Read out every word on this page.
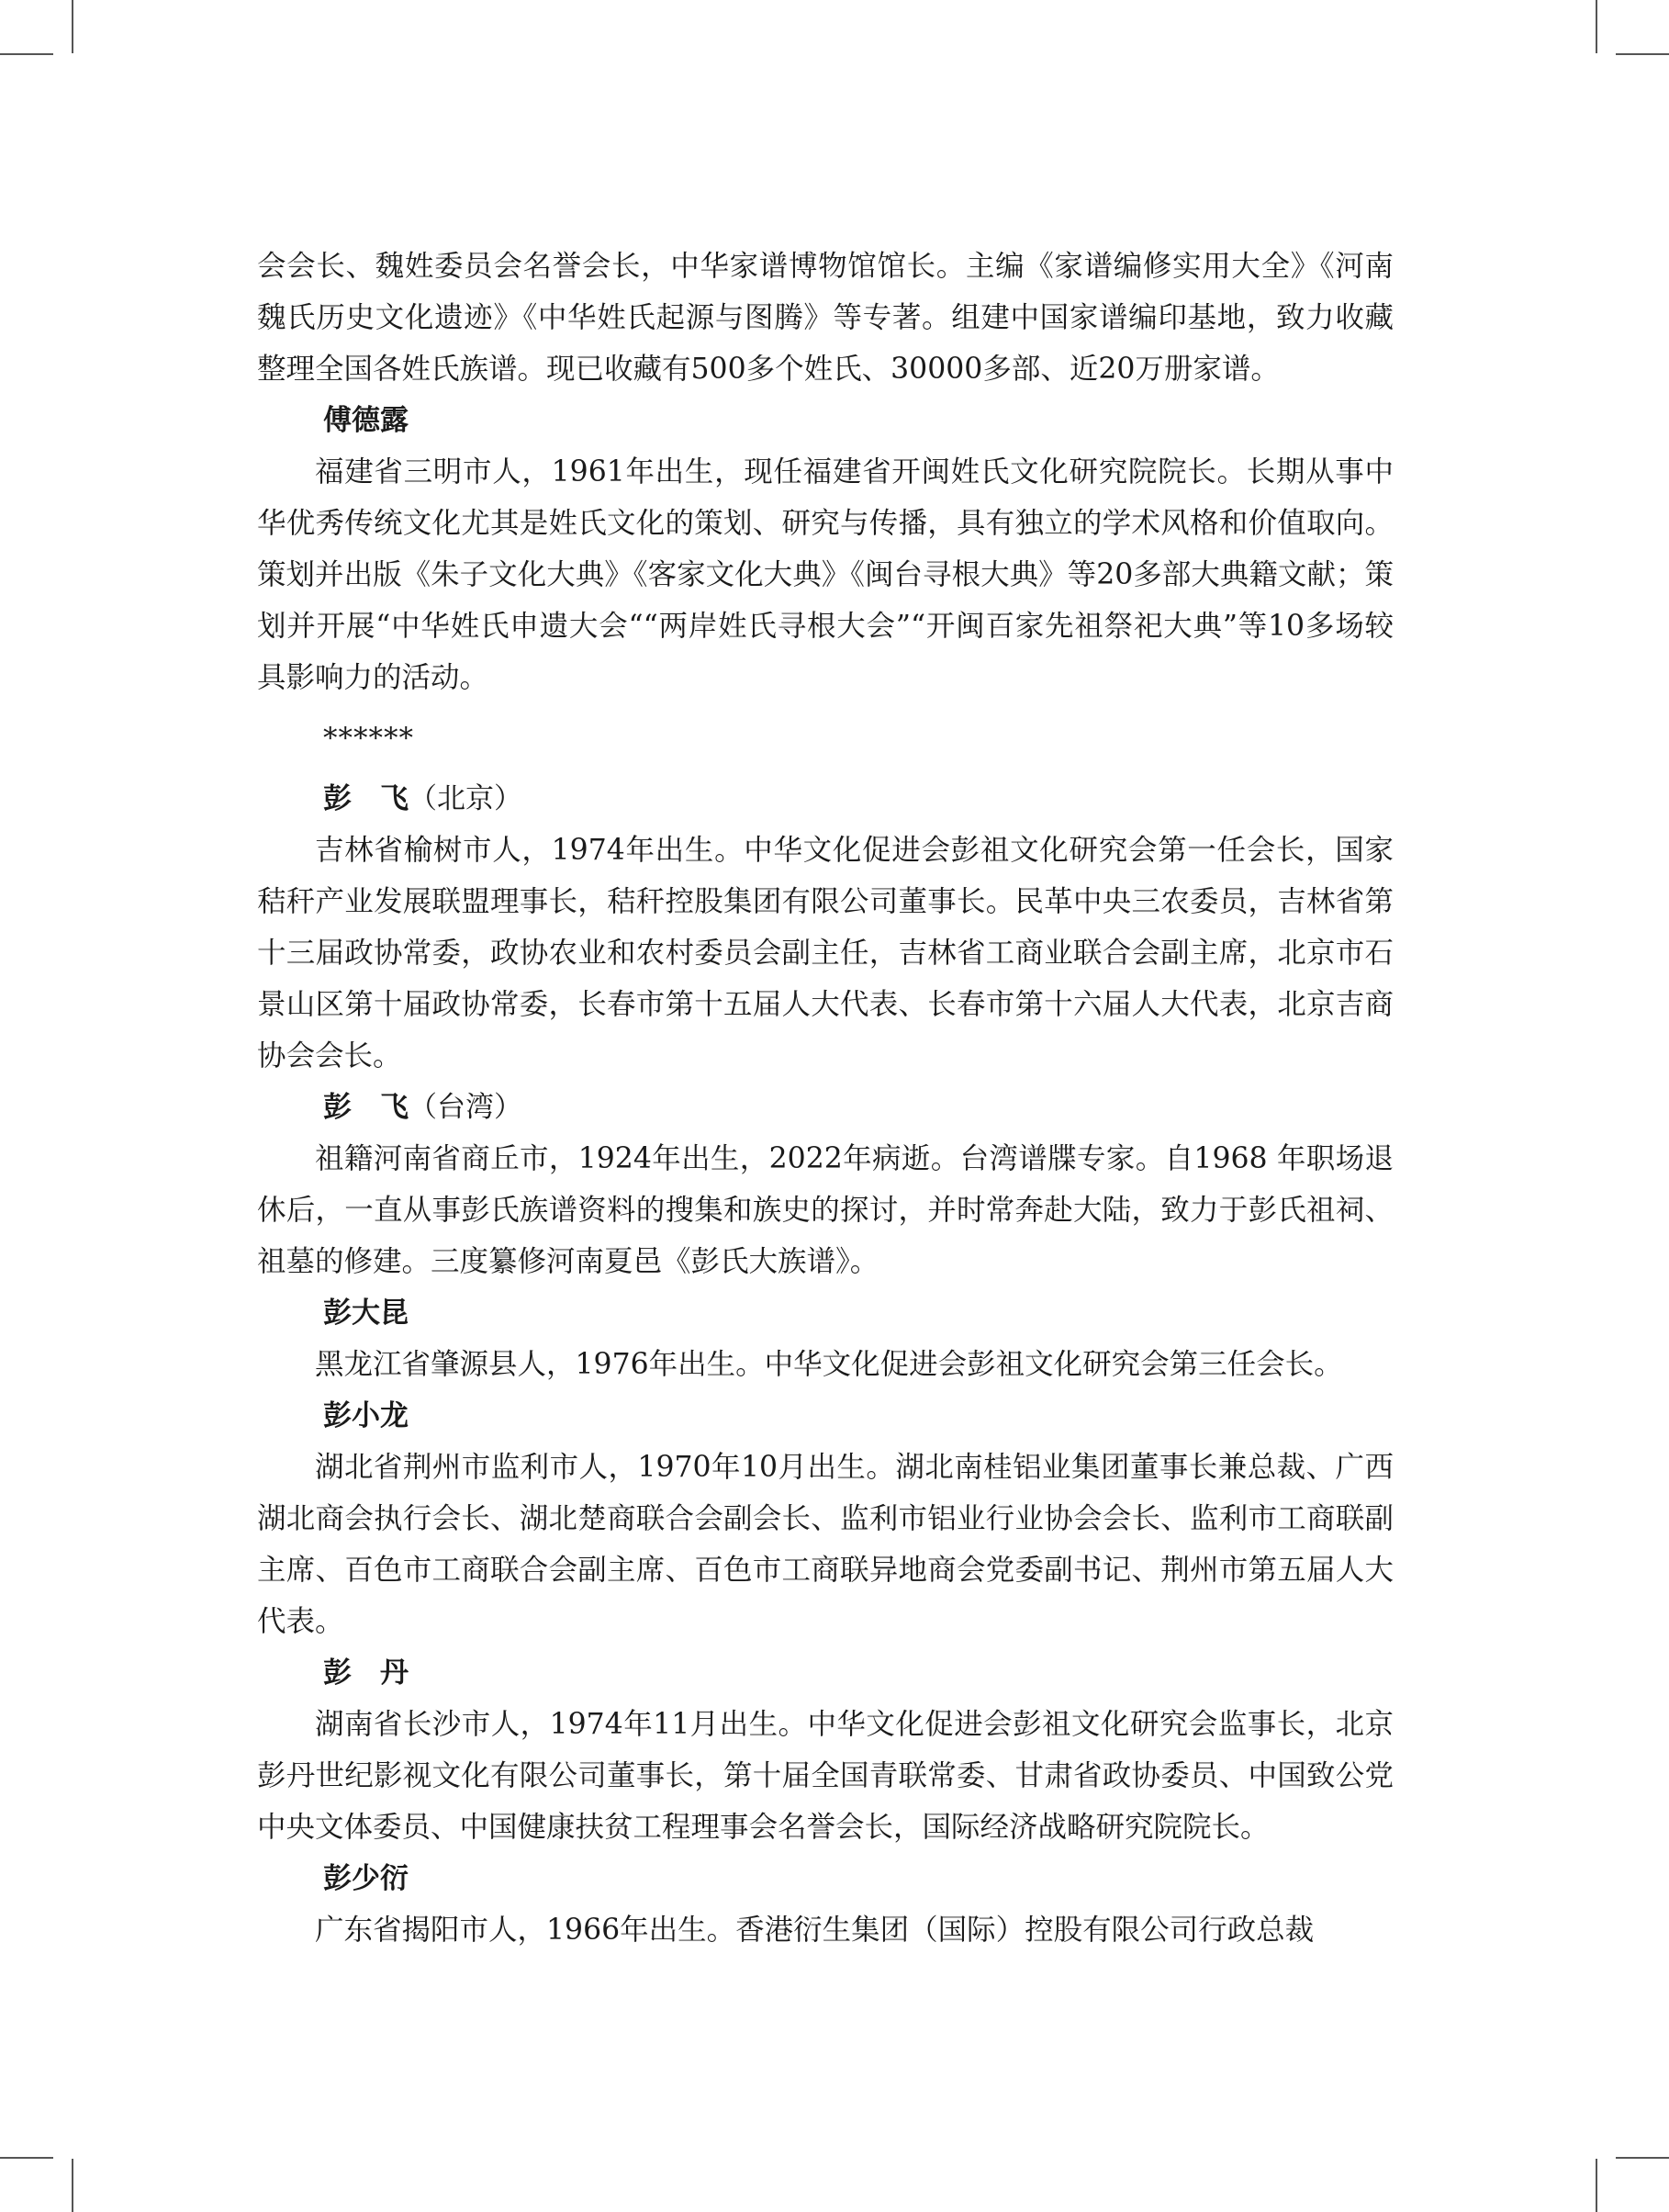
会会长、魏姓委员会名誉会长，中华家谱博物馆馆长。主编《家谱编修实用大全》《河南魏氏历史文化遗迹》《中华姓氏起源与图腾》等专著。组建中国家谱编印基地，致力收藏整理全国各姓氏族谱。现已收藏有500多个姓氏、30000多部、近20万册家谱。

傅德露

福建省三明市人，1961年出生，现任福建省开闽姓氏文化研究院院长。长期从事中华优秀传统文化尤其是姓氏文化的策划、研究与传播，具有独立的学术风格和价值取向。策划并出版《朱子文化大典》《客家文化大典》《闽台寻根大典》等20多部大典籍文献；策划并开展“中华姓氏申遗大会““两岸姓氏寻根大会”“开闽百家先祖祭祀大典”等10多场较具影响力的活动。

******

彭　飞（北京）

吉林省榆树市人，1974年出生。中华文化促进会彭祖文化研究会第一任会长，国家秸秆产业发展联盟理事长，秸秆控股集团有限公司董事长。民革中央三农委员，吉林省第十三届政协常委，政协农业和农村委员会副主任，吉林省工商业联合会副主席，北京市石景山区第十届政协常委，长春市第十五届人大代表、长春市第十六届人大代表，北京吉商协会会长。

彭　飞（台湾）

祖籍河南省商丘市，1924年出生，2022年病逝。台湾谱牒专家。自1968 年职场退休后，一直从事彭氏族谱资料的搜集和族史的探讨，并时常奔赴大陆，致力于彭氏祖祠、祖墓的修建。三度纂修河南夏邑《彭氏大族谱》。

彭大昆

黑龙江省肇源县人，1976年出生。中华文化促进会彭祖文化研究会第三任会长。

彭小龙

湖北省荆州市监利市人，1970年10月出生。湖北南桂铝业集团董事长兼总裁、广西湖北商会执行会长、湖北楚商联合会副会长、监利市铝业行业协会会长、监利市工商联副主席、百色市工商联合会副主席、百色市工商联异地商会党委副书记、荆州市第五届人大代表。

彭　丹

湖南省长沙市人，1974年11月出生。中华文化促进会彭祖文化研究会监事长，北京彭丹世纪影视文化有限公司董事长，第十届全国青联常委、甘肃省政协委员、中国致公党中央文体委员、中国健康扶贫工程理事会名誉会长，国际经济战略研究院院长。

彭少衍

广东省揭阳市人，1966年出生。香港衍生集团（国际）控股有限公司行政总裁
